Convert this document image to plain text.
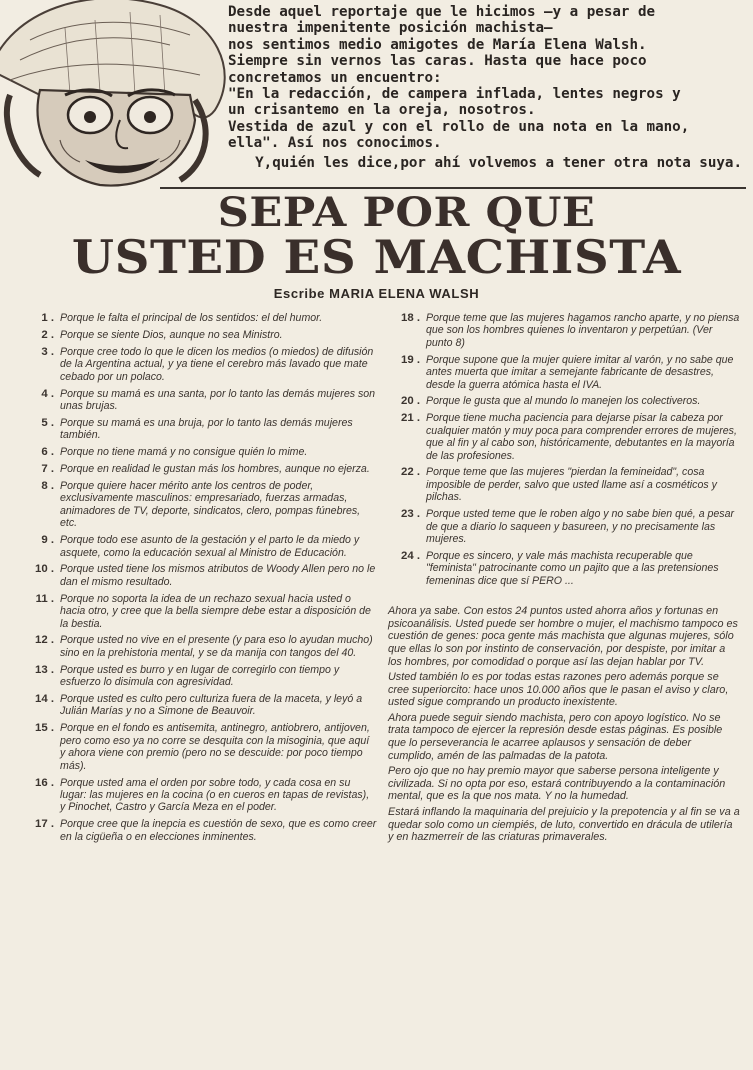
Desde aquel reportaje que le hicimos —y a pesar de

nuestra impenitente posición machista—

nos sentimos medio amigotes de María Elena Walsh.

Siempre sin vernos las caras. Hasta que hace poco

concretamos un encuentro:

"En la redacción, de campera inflada, lentes negros y

un crisantemo en la oreja, nosotros.

Vestida de azul y con el rollo de una nota en la mano,

ella". Así nos conocimos.

Y,quién les dice,por ahí volvemos a tener otra nota suya.

SEPA POR QUE
USTED ES MACHISTA
Escribe MARIA ELENA WALSH
1 . Porque le falta el principal de los sentidos: el del humor.
2 . Porque se siente Dios, aunque no sea Ministro.
3 . Porque cree todo lo que le dicen los medios (o miedos) de difusión de la Argentina actual, y ya tiene el cerebro más lavado que mate cebado por un polaco.
4 . Porque su mamá es una santa, por lo tanto las demás mujeres son unas brujas.
5 . Porque su mamá es una bruja, por lo tanto las demás mujeres también.
6 . Porque no tiene mamá y no consigue quién lo mime.
7 . Porque en realidad le gustan más los hombres, aunque no ejerza.
8 . Porque quiere hacer mérito ante los centros de poder, exclusivamente masculinos: empresariado, fuerzas armadas, animadores de TV, deporte, sindicatos, clero, pompas fúnebres, etc.
9 . Porque todo ese asunto de la gestación y el parto le da miedo y asquete, como la educación sexual al Ministro de Educación.
10 . Porque usted tiene los mismos atributos de Woody Allen pero no le dan el mismo resultado.
11 . Porque no soporta la idea de un rechazo sexual hacia usted o hacia otro, y cree que la bella siempre debe estar a disposición de la bestia.
12 . Porque usted no vive en el presente (y para eso lo ayudan mucho) sino en la prehistoria mental, y se da manija con tangos del 40.
13 . Porque usted es burro y en lugar de corregirlo con tiempo y esfuerzo lo disimula con agresividad.
14 . Porque usted es culto pero culturiza fuera de la maceta, y leyó a Julián Marías y no a Simone de Beauvoir.
15 . Porque en el fondo es antisemita, antinegro, antiobrero, antijoven, pero como eso ya no corre se desquita con la misoginia, que aquí y ahora viene con premio (pero no se descuide: por poco tiempo más).
16 . Porque usted ama el orden por sobre todo, y cada cosa en su lugar: las mujeres en la cocina (o en cueros en tapas de revistas), y Pinochet, Castro y García Meza en el poder.
17 . Porque cree que la inepcia es cuestión de sexo, que es como creer en la cigüeña o en elecciones inminentes.
18 . Porque teme que las mujeres hagamos rancho aparte, y no piensa que son los hombres quienes lo inventaron y perpetúan. (Ver punto 8)
19 . Porque supone que la mujer quiere imitar al varón, y no sabe que antes muerta que imitar a semejante fabricante de desastres, desde la guerra atómica hasta el IVA.
20 . Porque le gusta que al mundo lo manejen los colectiveros.
21 . Porque tiene mucha paciencia para dejarse pisar la cabeza por cualquier matón y muy poca para comprender errores de mujeres, que al fin y al cabo son, históricamente, debutantes en la mayoría de las profesiones.
22 . Porque teme que las mujeres "pierdan la femineidad", cosa imposible de perder, salvo que usted llame así a cosméticos y pilchas.
23 . Porque usted teme que le roben algo y no sabe bien qué, a pesar de que a diario lo saqueen y basureen, y no precisamente las mujeres.
24 . Porque es sincero, y vale más machista recuperable que "feminista" patrocinante como un pajito que a las pretensiones femeninas dice que sí PERO ...

Ahora ya sabe. Con estos 24 puntos usted ahorra años y fortunas en psicoanálisis. Usted puede ser hombre o mujer, el machismo tampoco es cuestión de genes: poca gente más machista que algunas mujeres, sólo que ellas lo son por instinto de conservación, por despiste, por imitar a los hombres, por comodidad o porque así las dejan hablar por TV.

Usted también lo es por todas estas razones pero además porque se cree superiorcito: hace unos 10.000 años que le pasan el aviso y claro, usted sigue comprando un producto inexistente.

Ahora puede seguir siendo machista, pero con apoyo logístico. No se trata tampoco de ejercer la represión desde estas páginas. Es posible que lo perseverancia le acarree aplausos y sensación de deber cumplido, amén de las palmadas de la patota.

Pero ojo que no hay premio mayor que saberse persona inteligente y civilizada. Si no opta por eso, estará contribuyendo a la contaminación mental, que es la que nos mata. Y no la humedad.

Estará inflando la maquinaria del prejuicio y la prepotencia y al fin se va a quedar solo como un ciempiés, de luto, convertido en drácula de utilería y en hazmerreír de las criaturas primaverales.
